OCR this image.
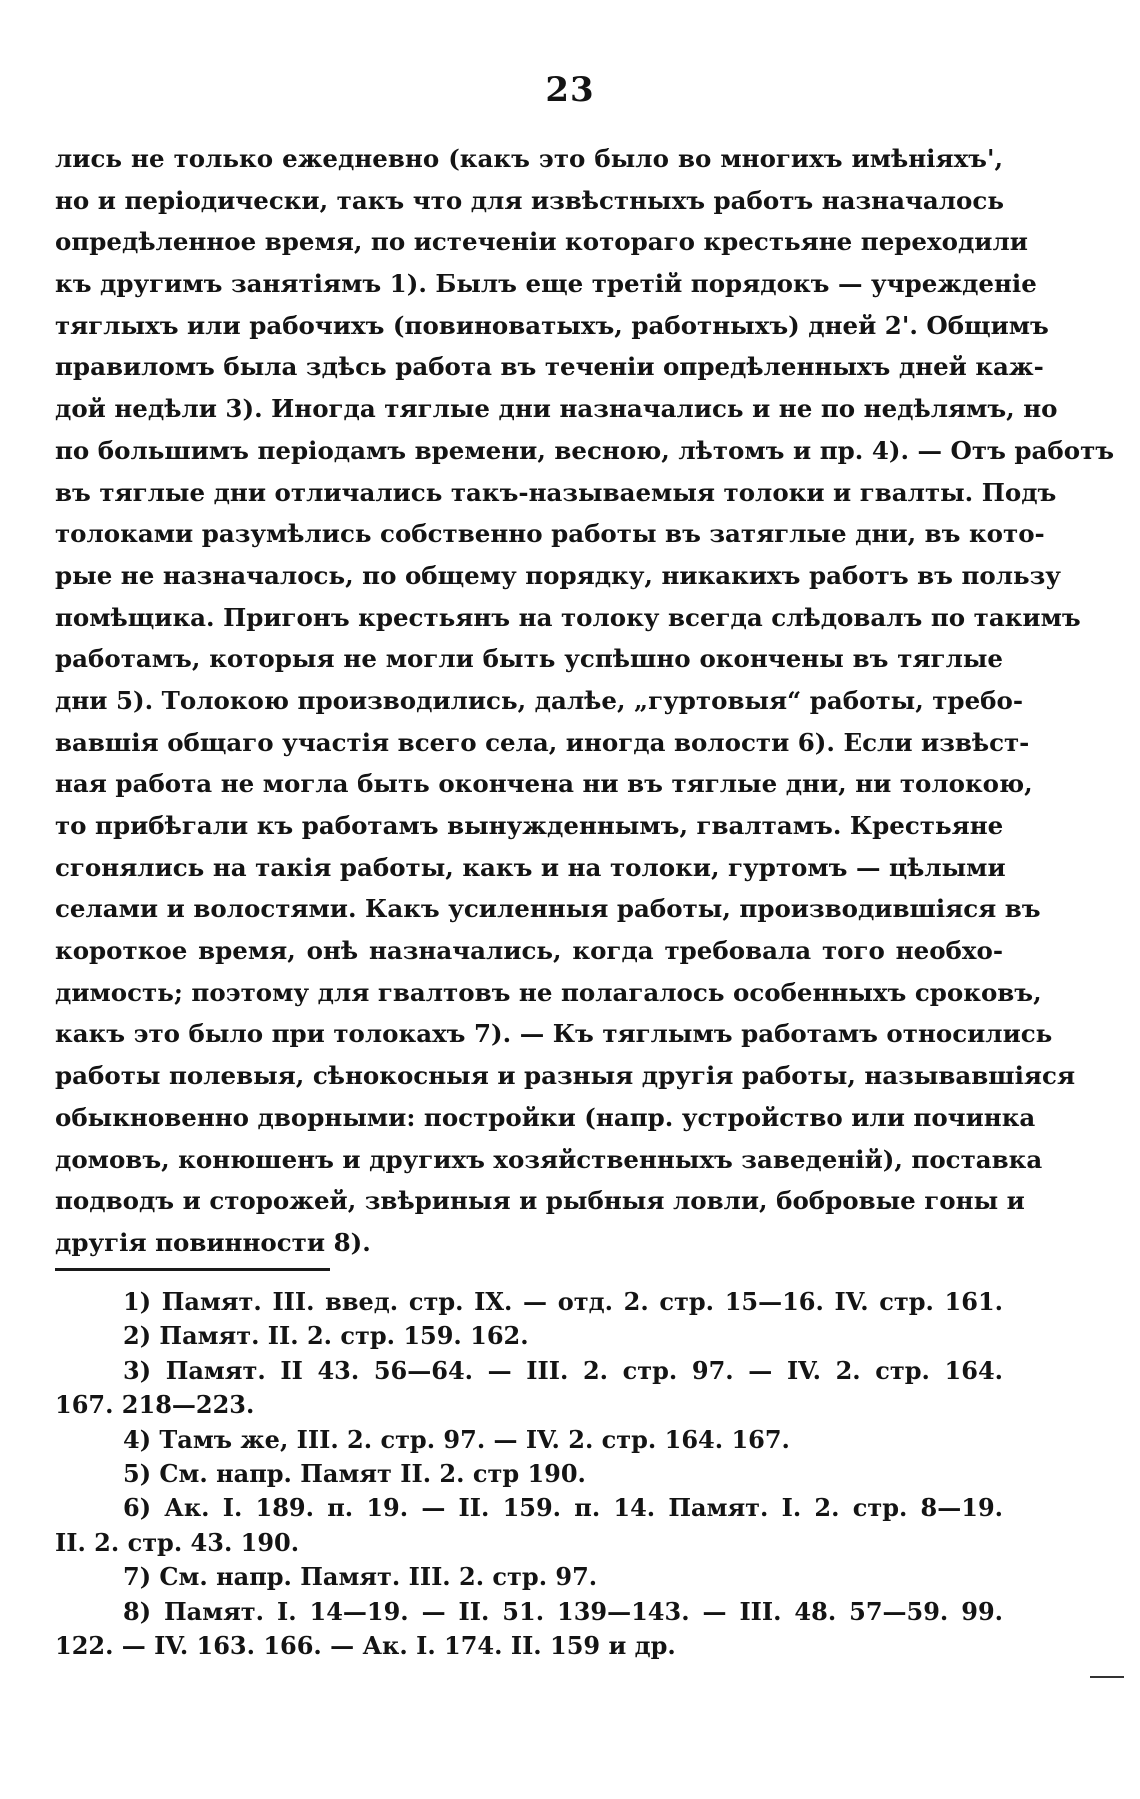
23
лись не только ежедневно (какъ это было во многихъ имѣніяхъ',
но и періодически, такъ что для извѣстныхъ работъ назначалось
опредѣленное время, по истеченіи котораго крестьяне переходили
къ другимъ занятіямъ 1). Былъ еще третій порядокъ — учрежденіе
тяглыхъ или рабочихъ (повиноватыхъ, работныхъ) дней 2'. Общимъ
правиломъ была здѣсь работа въ теченіи опредѣленныхъ дней каж-
дой недѣли 3). Иногда тяглые дни назначались и не по недѣлямъ, но
по большимъ періодамъ времени, весною, лѣтомъ и пр. 4). — Отъ работъ
въ тяглые дни отличались такъ-называемыя толоки и гвалты. Подъ
толоками разумѣлись собственно работы въ затяглые дни, въ кото-
рые не назначалось, по общему порядку, никакихъ работъ въ пользу
помѣщика. Пригонъ крестьянъ на толоку всегда слѣдовалъ по такимъ
работамъ, которыя не могли быть успѣшно окончены въ тяглые
дни 5). Толокою производились, далѣе, „гуртовыя“ работы, требо-
вавшія общаго участія всего села, иногда волости 6). Если извѣст-
ная работа не могла быть окончена ни въ тяглые дни, ни толокою,
то прибѣгали къ работамъ вынужденнымъ, гвалтамъ. Крестьяне
сгонялись на такія работы, какъ и на толоки, гуртомъ — цѣлыми
селами и волостями. Какъ усиленныя работы, производившіяся въ
короткое время, онѣ назначались, когда требовала того необхо-
димость; поэтому для гвалтовъ не полагалось особенныхъ сроковъ,
какъ это было при толокахъ 7). — Къ тяглымъ работамъ относились
работы полевыя, сѣнокосныя и разныя другія работы, называвшіяся
обыкновенно дворными: постройки (напр. устройство или починка
домовъ, конюшенъ и другихъ хозяйственныхъ заведеній), поставка
подводъ и сторожей, звѣриныя и рыбныя ловли, бобровые гоны и
другія повинности 8).
1) Памят. III. введ. стр. IX. — отд. 2. стр. 15—16. IV. стр. 161.
2) Памят. II. 2. стр. 159. 162.
3) Памят. II 43. 56—64. — III. 2. стр. 97. — IV. 2. стр. 164.
167. 218—223.
4) Тамъ же, III. 2. стр. 97. — IV. 2. стр. 164. 167.
5) См. напр. Памят II. 2. стр 190.
6) Ак. I. 189. п. 19. — II. 159. п. 14. Памят. I. 2. стр. 8—19.
II. 2. стр. 43. 190.
7) См. напр. Памят. III. 2. стр. 97.
8) Памят. I. 14—19. — II. 51. 139—143. — III. 48. 57—59. 99.
122. — IV. 163. 166. — Ак. I. 174. II. 159 и др.
